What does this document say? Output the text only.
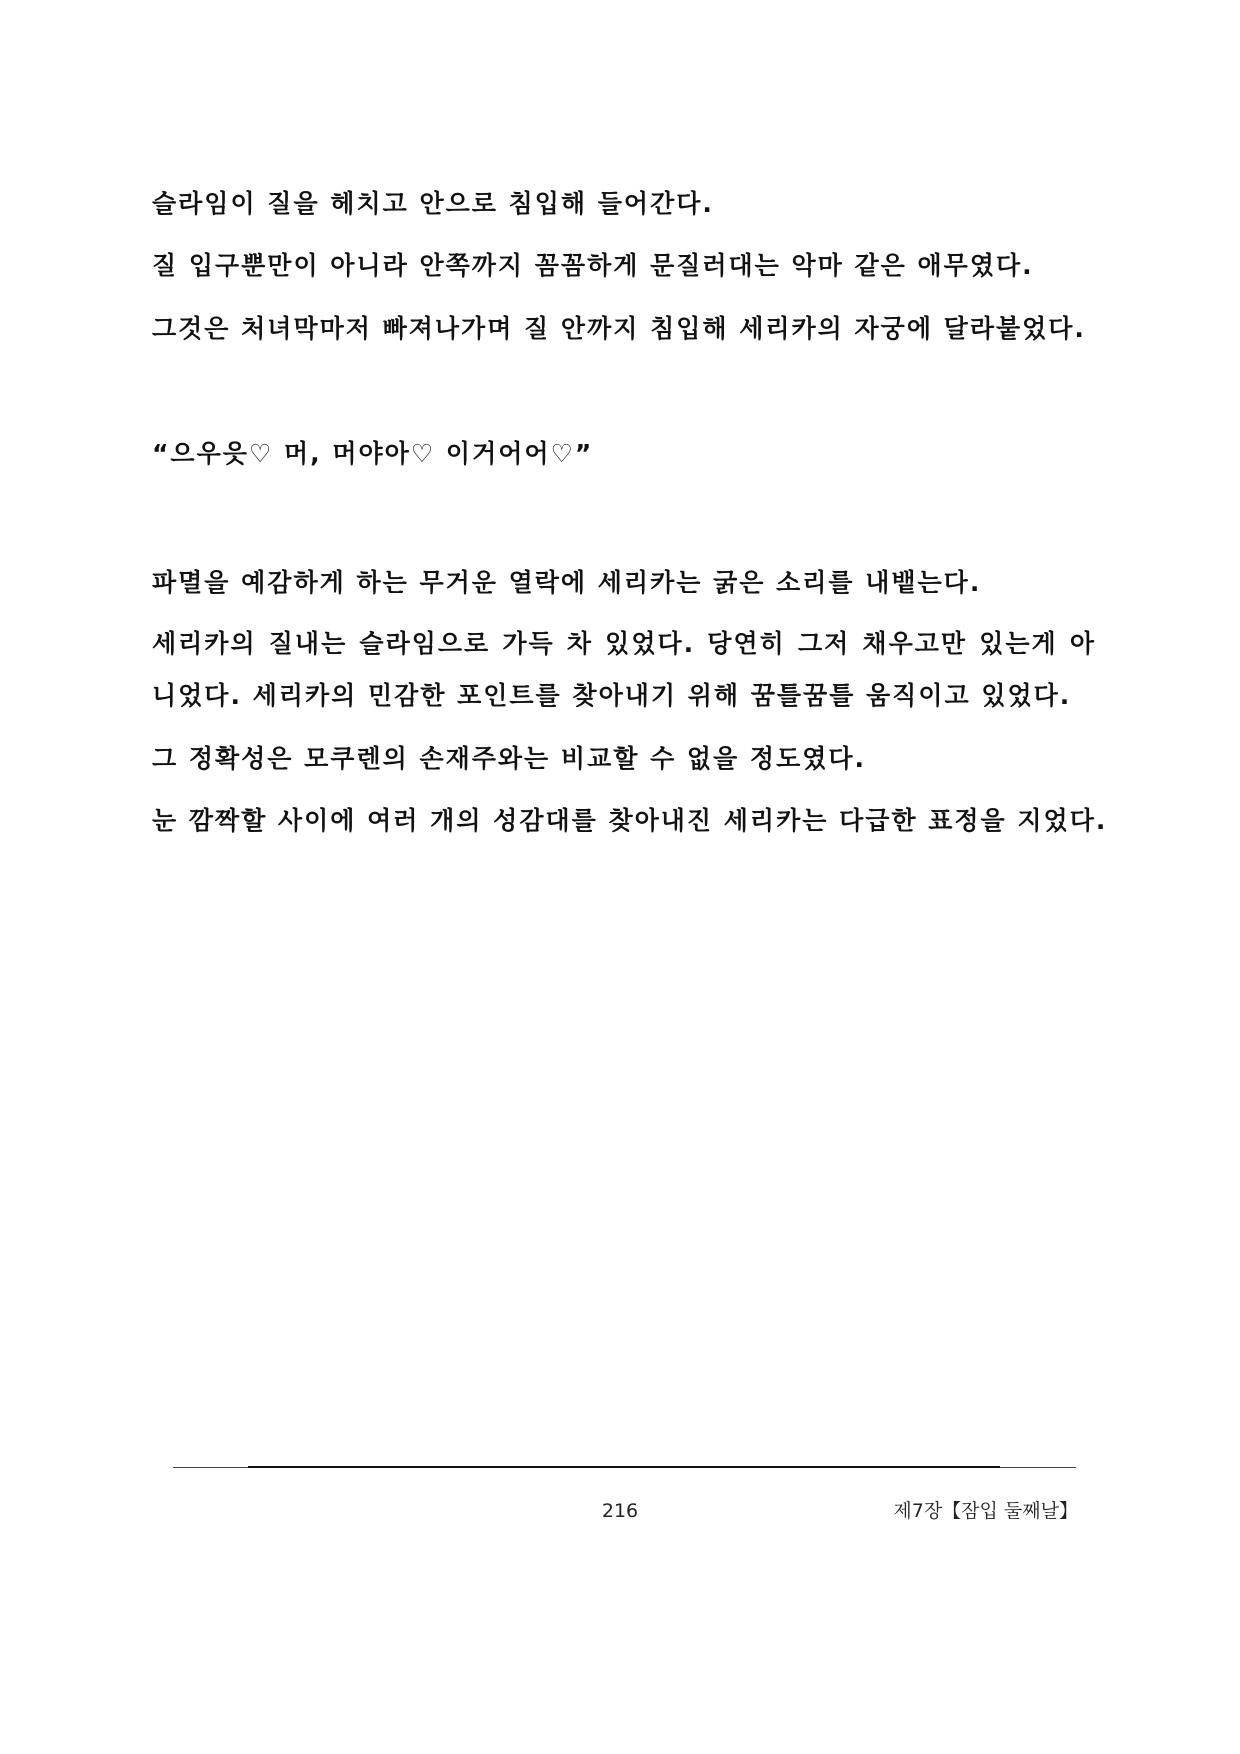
슬라임이 질을 헤치고 안으로 침입해 들어간다.

질 입구뿐만이 아니라 안쪽까지 꼼꼼하게 문질러대는 악마 같은 애무였다.

그것은 처녀막마저 빠져나가며 질 안까지 침입해 세리카의 자궁에 달라붙었다.

“으우읏♡ 머, 머야아♡ 이거어어♡”

파멸을 예감하게 하는 무거운 열락에 세리카는 굵은 소리를 내뱉는다.

세리카의 질내는 슬라임으로 가득 차 있었다. 당연히 그저 채우고만 있는게 아니었다. 세리카의 민감한 포인트를 찾아내기 위해 꿈틀꿈틀 움직이고 있었다.

그 정확성은 모쿠렌의 손재주와는 비교할 수 없을 정도였다.

눈 깜짝할 사이에 여러 개의 성감대를 찾아내진 세리카는 다급한 표정을 지었다.

216	제7장【잠입 둘째날】
